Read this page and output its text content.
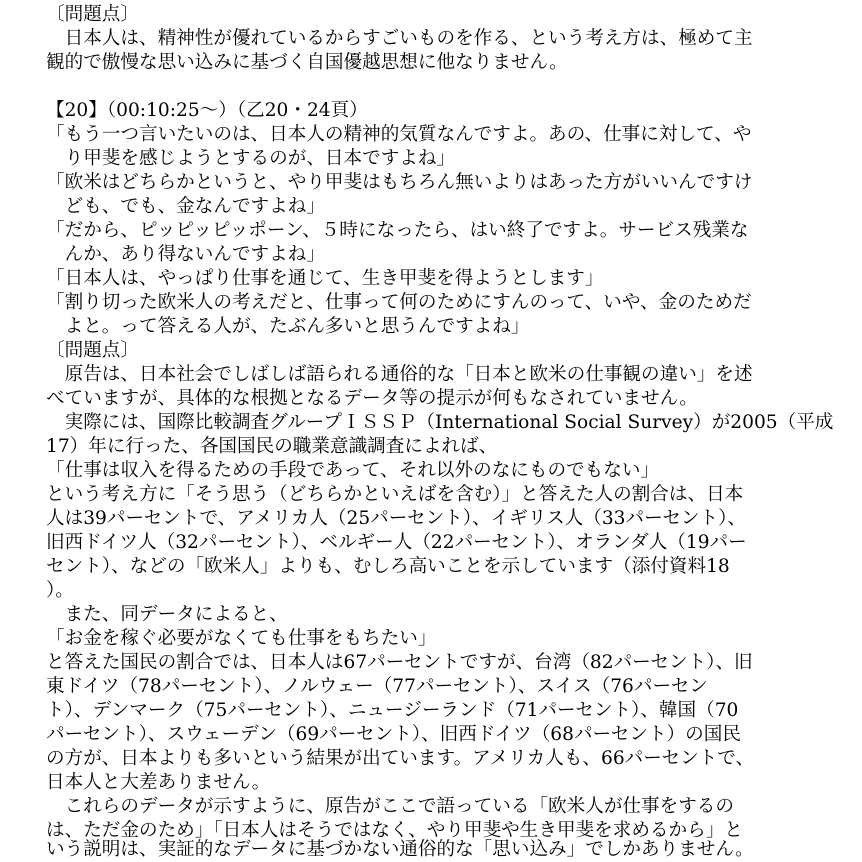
〔問題点〕
　日本人は、精神性が優れているからすごいものを作る、という考え方は、極めて主
観的で傲慢な思い込みに基づく自国優越思想に他なりません。
【20】（00:10:25〜）（乙20・24頁）
「もう一つ言いたいのは、日本人の精神的気質なんですよ。あの、仕事に対して、や
　り甲斐を感じようとするのが、日本ですよね」
「欧米はどちらかというと、やり甲斐はもちろん無いよりはあった方がいいんですけ
　ども、でも、金なんですよね」
「だから、ピッピッピッポーン、５時になったら、はい終了ですよ。サービス残業な
　んか、あり得ないんですよね」
「日本人は、やっぱり仕事を通じて、生き甲斐を得ようとします」
「割り切った欧米人の考えだと、仕事って何のためにすんのって、いや、金のためだ
　よと。って答える人が、たぶん多いと思うんですよね」
〔問題点〕
　原告は、日本社会でしばしば語られる通俗的な「日本と欧米の仕事観の違い」を述
べていますが、具体的な根拠となるデータ等の提示が何もなされていません。
　実際には、国際比較調査グループＩＳＳＰ（International Social Survey）が2005（平成
17）年に行った、各国国民の職業意識調査によれば、
「仕事は収入を得るための手段であって、それ以外のなにものでもない」
という考え方に「そう思う（どちらかといえばを含む）」と答えた人の割合は、日本
人は39パーセントで、アメリカ人（25パーセント）、イギリス人（33パーセント）、
旧西ドイツ人（32パーセント）、ベルギー人（22パーセント）、オランダ人（19パー
セント）、などの「欧米人」よりも、むしろ高いことを示しています（添付資料18
）。
　また、同データによると、
「お金を稼ぐ必要がなくても仕事をもちたい」
と答えた国民の割合では、日本人は67パーセントですが、台湾（82パーセント）、旧
東ドイツ（78パーセント）、ノルウェー（77パーセント）、スイス（76パーセン
ト）、デンマーク（75パーセント）、ニュージーランド（71パーセント）、韓国（70
パーセント）、スウェーデン（69パーセント）、旧西ドイツ（68パーセント）の国民
の方が、日本よりも多いという結果が出ています。アメリカ人も、66パーセントで、
日本人と大差ありません。
　これらのデータが示すように、原告がここで語っている「欧米人が仕事をするの
は、ただ金のため」「日本人はそうではなく、やり甲斐や生き甲斐を求めるから」と
いう説明は、実証的なデータに基づかない通俗的な「思い込み」でしかありません。
